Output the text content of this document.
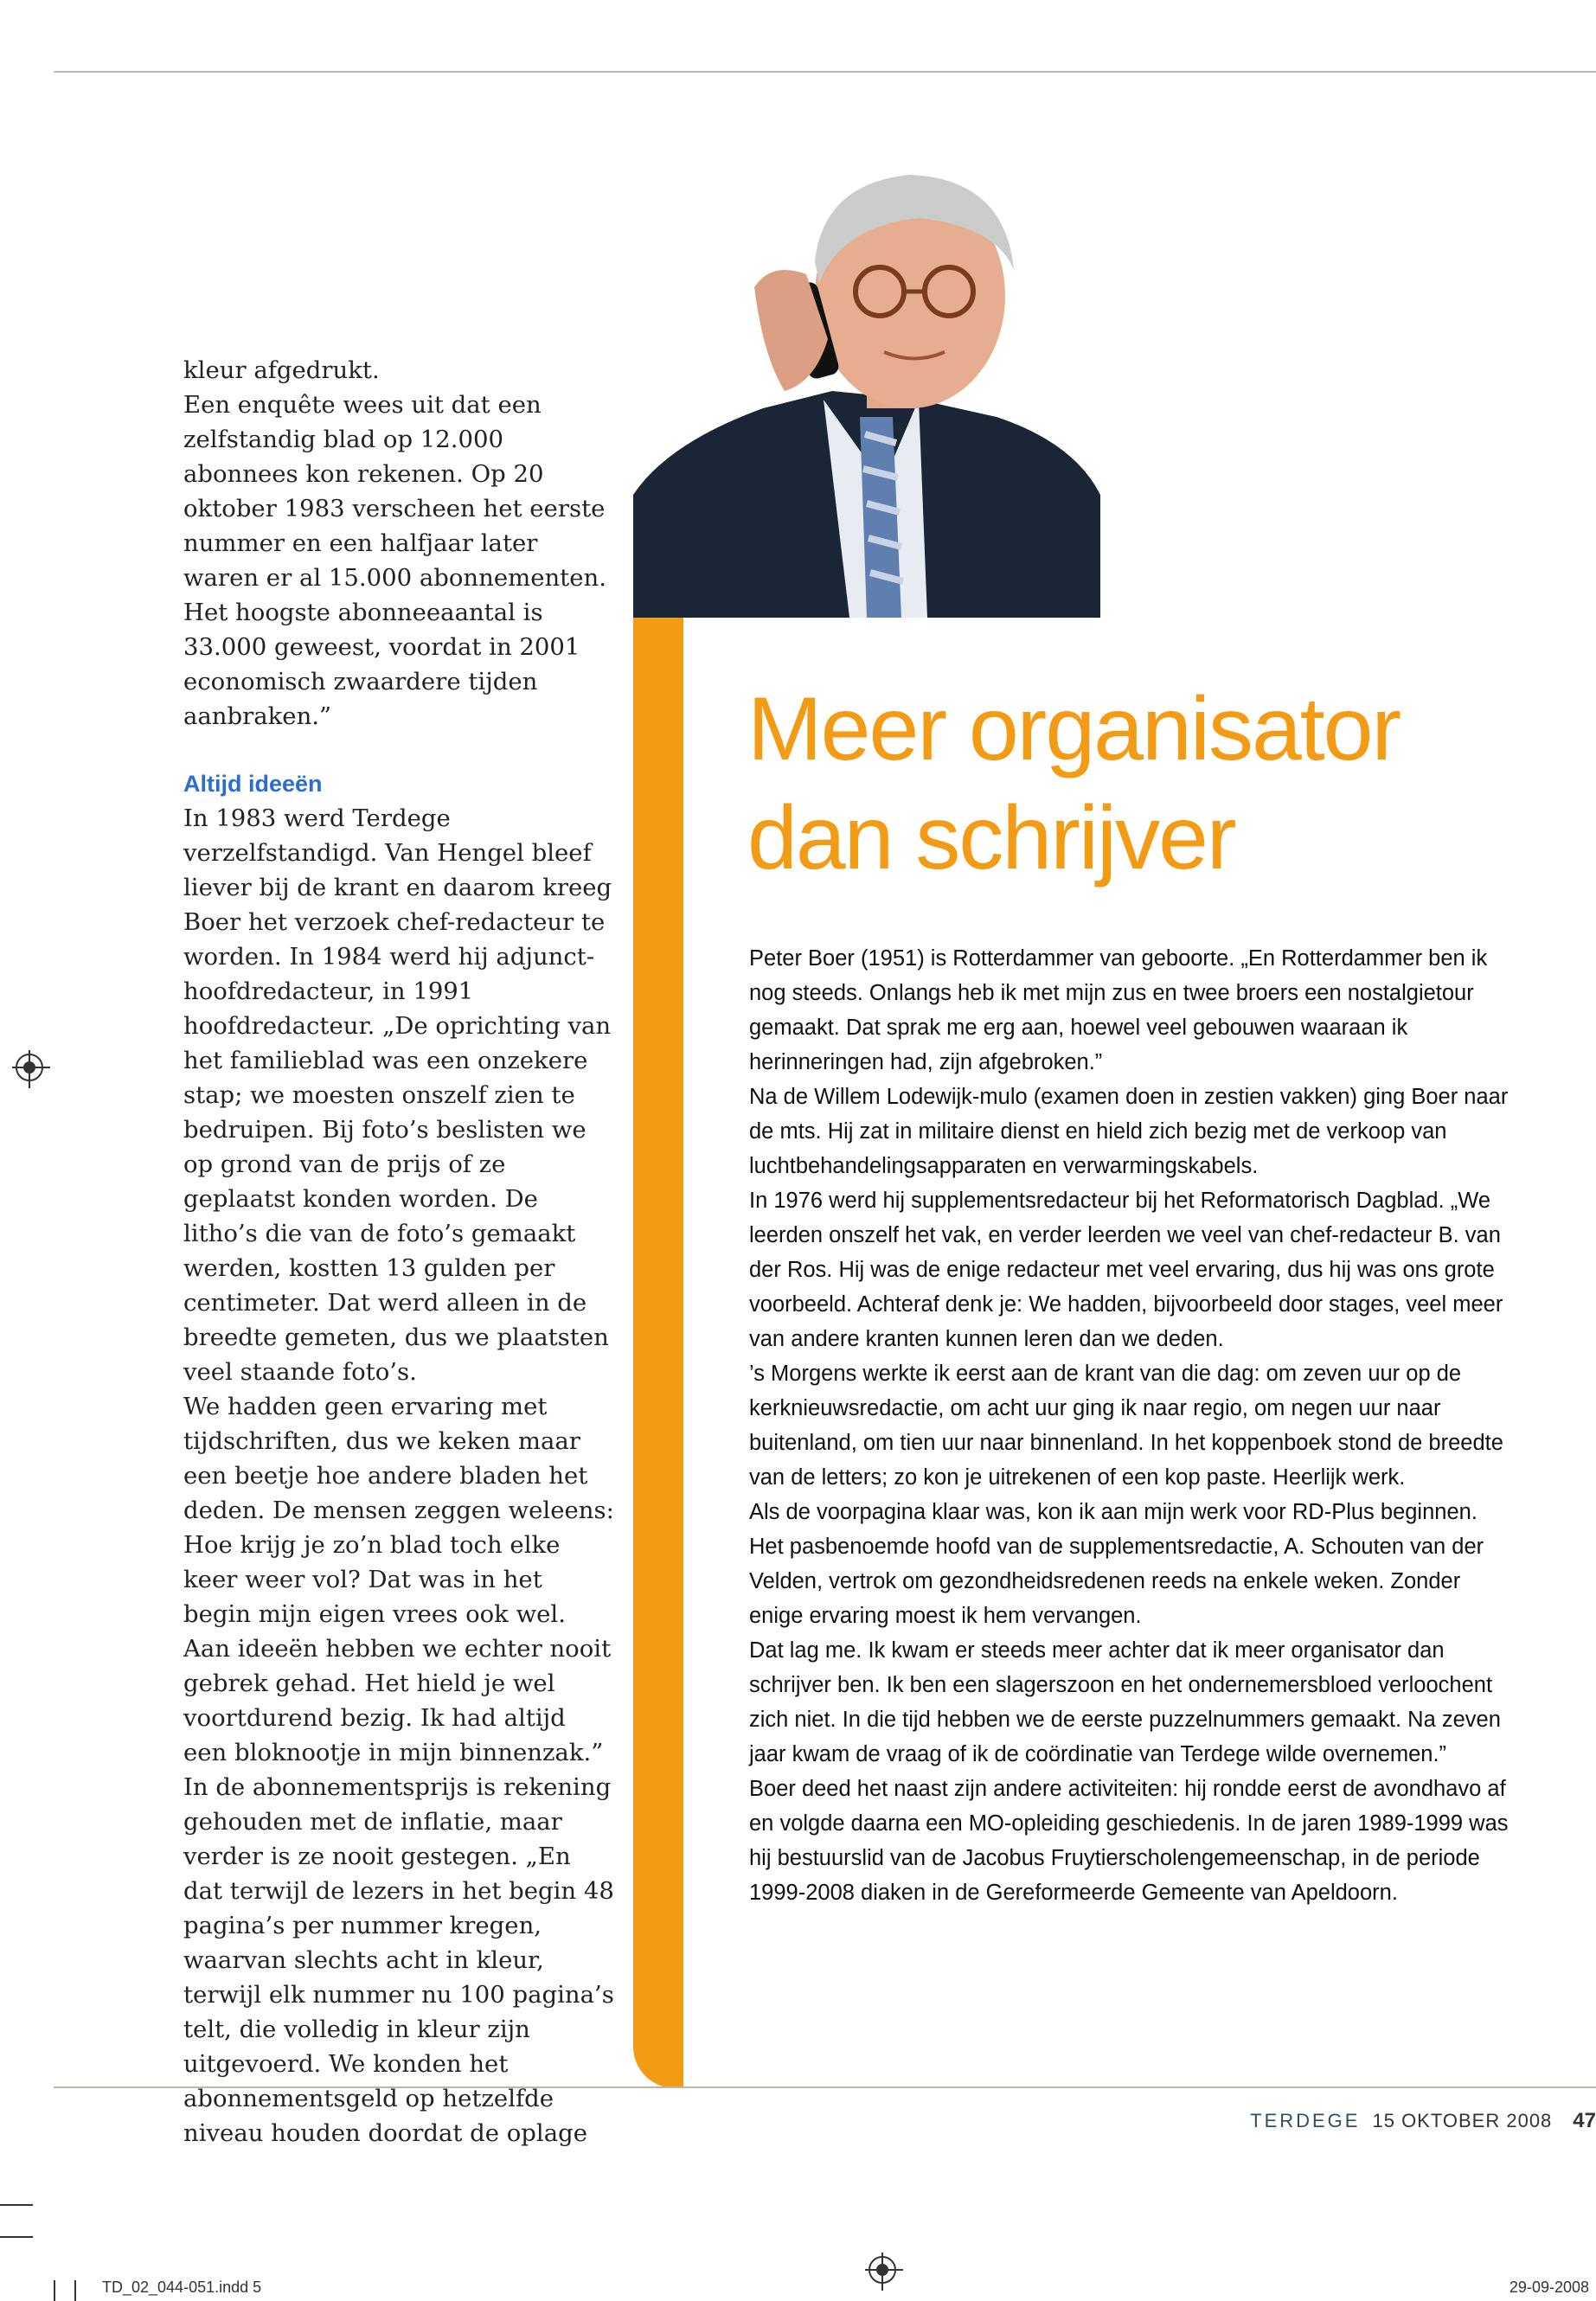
kleur afgedrukt.

Een enquête wees uit dat een zelfstandig blad op 12.000 abonnees kon rekenen. Op 20 oktober 1983 verscheen het eerste nummer en een halfjaar later waren er al 15.000 abonnementen. Het hoogste abonneeaantal is 33.000 geweest, voordat in 2001 economisch zwaardere tijden aanbraken.”

Altijd ideeën

In 1983 werd Terdege verzelfstandigd. Van Hengel bleef liever bij de krant en daarom kreeg Boer het verzoek chef-redacteur te worden. In 1984 werd hij adjunct-hoofdredacteur, in 1991 hoofdredacteur. „De oprichting van het familieblad was een onzekere stap; we moesten onszelf zien te bedruipen. Bij foto’s beslisten we op grond van de prijs of ze geplaatst konden worden. De litho’s die van de foto’s gemaakt werden, kostten 13 gulden per centimeter. Dat werd alleen in de breedte gemeten, dus we plaatsten veel staande foto’s.

We hadden geen ervaring met tijdschriften, dus we keken maar een beetje hoe andere bladen het deden. De mensen zeggen weleens: Hoe krijg je zo’n blad toch elke keer weer vol? Dat was in het begin mijn eigen vrees ook wel. Aan ideeën hebben we echter nooit gebrek gehad. Het hield je wel voortdurend bezig. Ik had altijd een bloknootje in mijn binnenzak.”

In de abonnementsprijs is rekening gehouden met de inflatie, maar verder is ze nooit gestegen. „En dat terwijl de lezers in het begin 48 pagina’s per nummer kregen, waarvan slechts acht in kleur, terwijl elk nummer nu 100 pagina’s telt, die volledig in kleur zijn uitgevoerd. We konden het abonnementsgeld op hetzelfde niveau houden doordat de oplage

Meer organisator
dan schrijver

Peter Boer (1951) is Rotterdammer van geboorte. „En Rotterdammer ben ik nog steeds. Onlangs heb ik met mijn zus en twee broers een nostalgietour gemaakt. Dat sprak me erg aan, hoewel veel gebouwen waaraan ik herinneringen had, zijn afgebroken.”

Na de Willem Lodewijk-mulo (examen doen in zestien vakken) ging Boer naar de mts. Hij zat in militaire dienst en hield zich bezig met de verkoop van luchtbehandelingsapparaten en verwarmingskabels.

In 1976 werd hij supplementsredacteur bij het Reformatorisch Dagblad. „We leerden onszelf het vak, en verder leerden we veel van chef-redacteur B. van der Ros. Hij was de enige redacteur met veel ervaring, dus hij was ons grote voorbeeld. Achteraf denk je: We hadden, bijvoorbeeld door stages, veel meer van andere kranten kunnen leren dan we deden.

’s Morgens werkte ik eerst aan de krant van die dag: om zeven uur op de kerknieuwsredactie, om acht uur ging ik naar regio, om negen uur naar buitenland, om tien uur naar binnenland. In het koppenboek stond de breedte van de letters; zo kon je uitrekenen of een kop paste. Heerlijk werk.

Als de voorpagina klaar was, kon ik aan mijn werk voor RD-Plus beginnen. Het pasbenoemde hoofd van de supplementsredactie, A. Schouten van der Velden, vertrok om gezondheidsredenen reeds na enkele weken. Zonder enige ervaring moest ik hem vervangen.

Dat lag me. Ik kwam er steeds meer achter dat ik meer organisator dan schrijver ben. Ik ben een slagerszoon en het ondernemersbloed verloochent zich niet. In die tijd hebben we de eerste puzzelnummers gemaakt. Na zeven jaar kwam de vraag of ik de coördinatie van Terdege wilde overnemen.”

Boer deed het naast zijn andere activiteiten: hij rondde eerst de avondhavo af en volgde daarna een MO-opleiding geschiedenis. In de jaren 1989-1999 was hij bestuurslid van de Jacobus Fruytierscholengemeenschap, in de periode 1999-2008 diaken in de Gereformeerde Gemeente van Apeldoorn.

TERDEGE 15 OKTOBER 2008 47
TD_02_044-051.indd 5	29-09-2008
